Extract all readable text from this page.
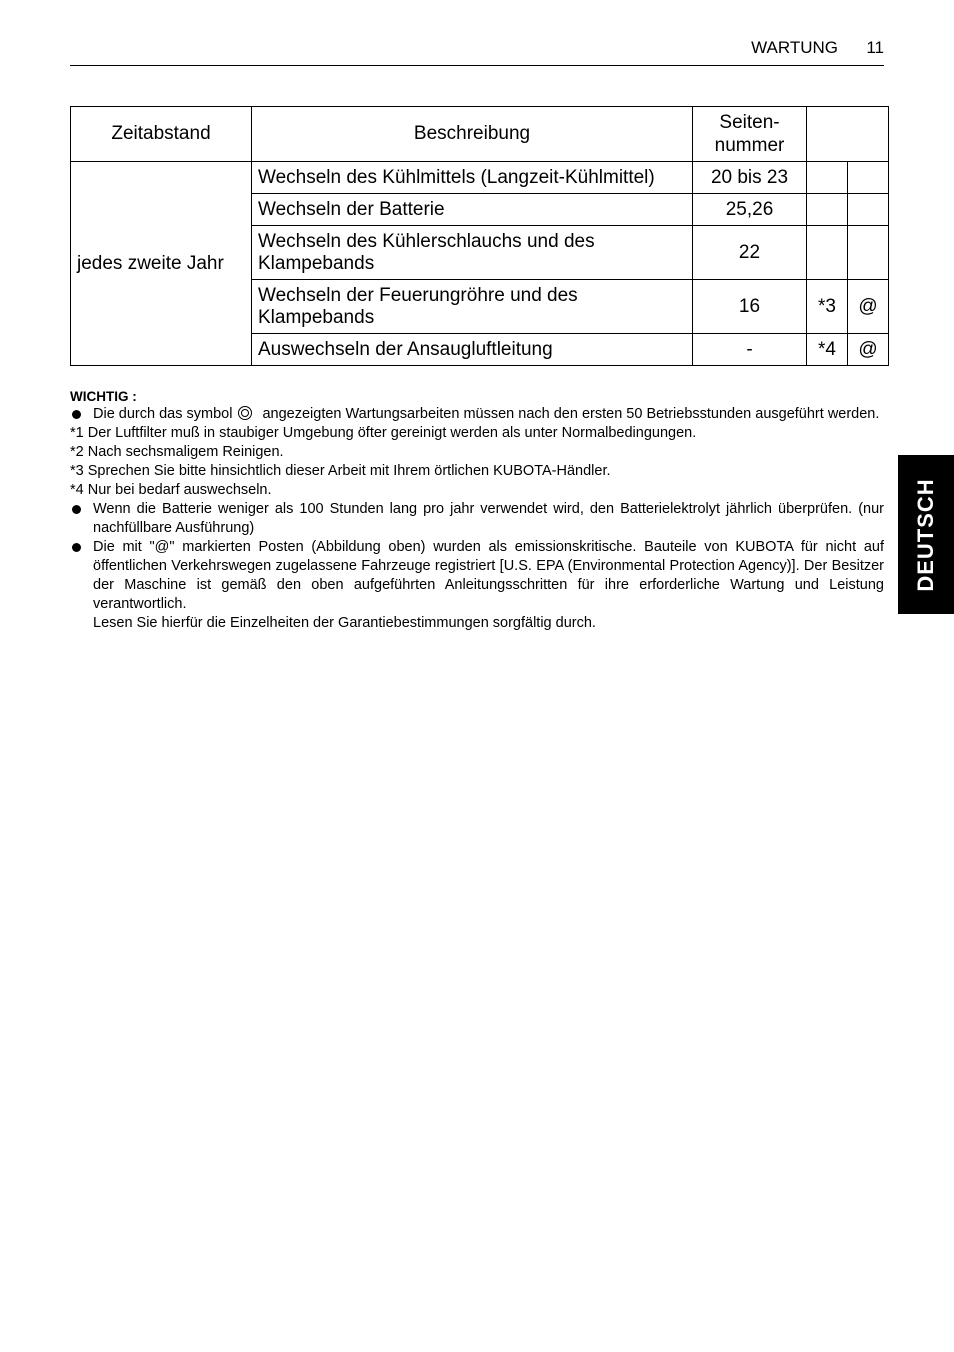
WARTUNG 11
Zeitabstand	Beschreibung	Seiten-
nummer		
jedes zweite Jahr	Wechseln des Kühlmittels (Langzeit-Kühlmittel)	20 bis 23		
	Wechseln der Batterie	25,26		
	Wechseln des Kühlerschlauchs und des Klampebands	22		
	Wechseln der Feuerungröhre und des Klampebands	16	*3	@
	Auswechseln der Ansaugluftleitung	-	*4	@
WICHTIG :
Die durch das symbol angezeigten Wartungsarbeiten müssen nach den ersten 50 Betriebsstunden ausgeführt werden.
*1 Der Luftfilter muß in staubiger Umgebung öfter gereinigt werden als unter Normalbedingungen.
*2 Nach sechsmaligem Reinigen.
*3 Sprechen Sie bitte hinsichtlich dieser Arbeit mit Ihrem örtlichen KUBOTA-Händler.
*4 Nur bei bedarf auswechseln.
Wenn die Batterie weniger als 100 Stunden lang pro jahr verwendet wird, den Batterielektrolyt jährlich überprüfen. (nur nachfüllbare Ausführung)
Die mit "@" markierten Posten (Abbildung oben) wurden als emissionskritische. Bauteile von KUBOTA für nicht auf öffentlichen Verkehrswegen zugelassene Fahrzeuge registriert [U.S. EPA (Environmental Protection Agency)]. Der Besitzer der Maschine ist gemäß den oben aufgeführten Anleitungsschritten für ihre erforderliche Wartung und Leistung verantwortlich.
Lesen Sie hierfür die Einzelheiten der Garantiebestimmungen sorgfältig durch.
DEUTSCH
